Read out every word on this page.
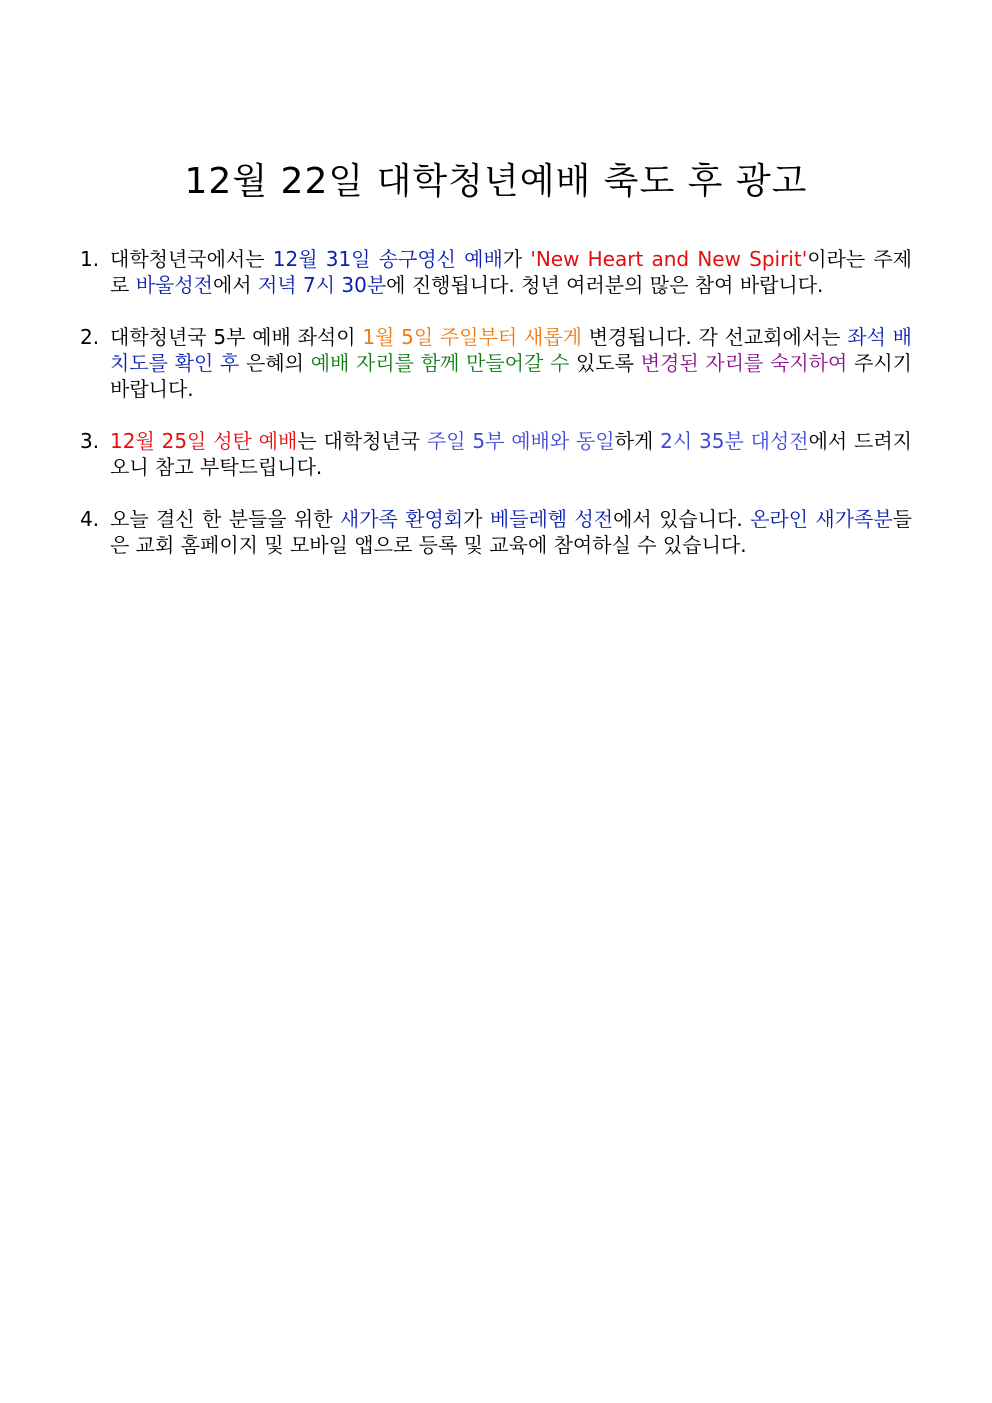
12월 22일 대학청년예배 축도 후 광고
1. 대학청년국에서는 12월 31일 송구영신 예배가 'New Heart and New Spirit'이라는 주제로 바울성전에서 저녁 7시 30분에 진행됩니다. 청년 여러분의 많은 참여 바랍니다.
2. 대학청년국 5부 예배 좌석이 1월 5일 주일부터 새롭게 변경됩니다. 각 선교회에서는 좌석 배치도를 확인 후 은혜의 예배 자리를 함께 만들어갈 수 있도록 변경된 자리를 숙지하여 주시기 바랍니다.
3. 12월 25일 성탄 예배는 대학청년국 주일 5부 예배와 동일하게 2시 35분 대성전에서 드려지오니 참고 부탁드립니다.
4. 오늘 결신 한 분들을 위한 새가족 환영회가 베들레헴 성전에서 있습니다. 온라인 새가족분들은 교회 홈페이지 및 모바일 앱으로 등록 및 교육에 참여하실 수 있습니다.
